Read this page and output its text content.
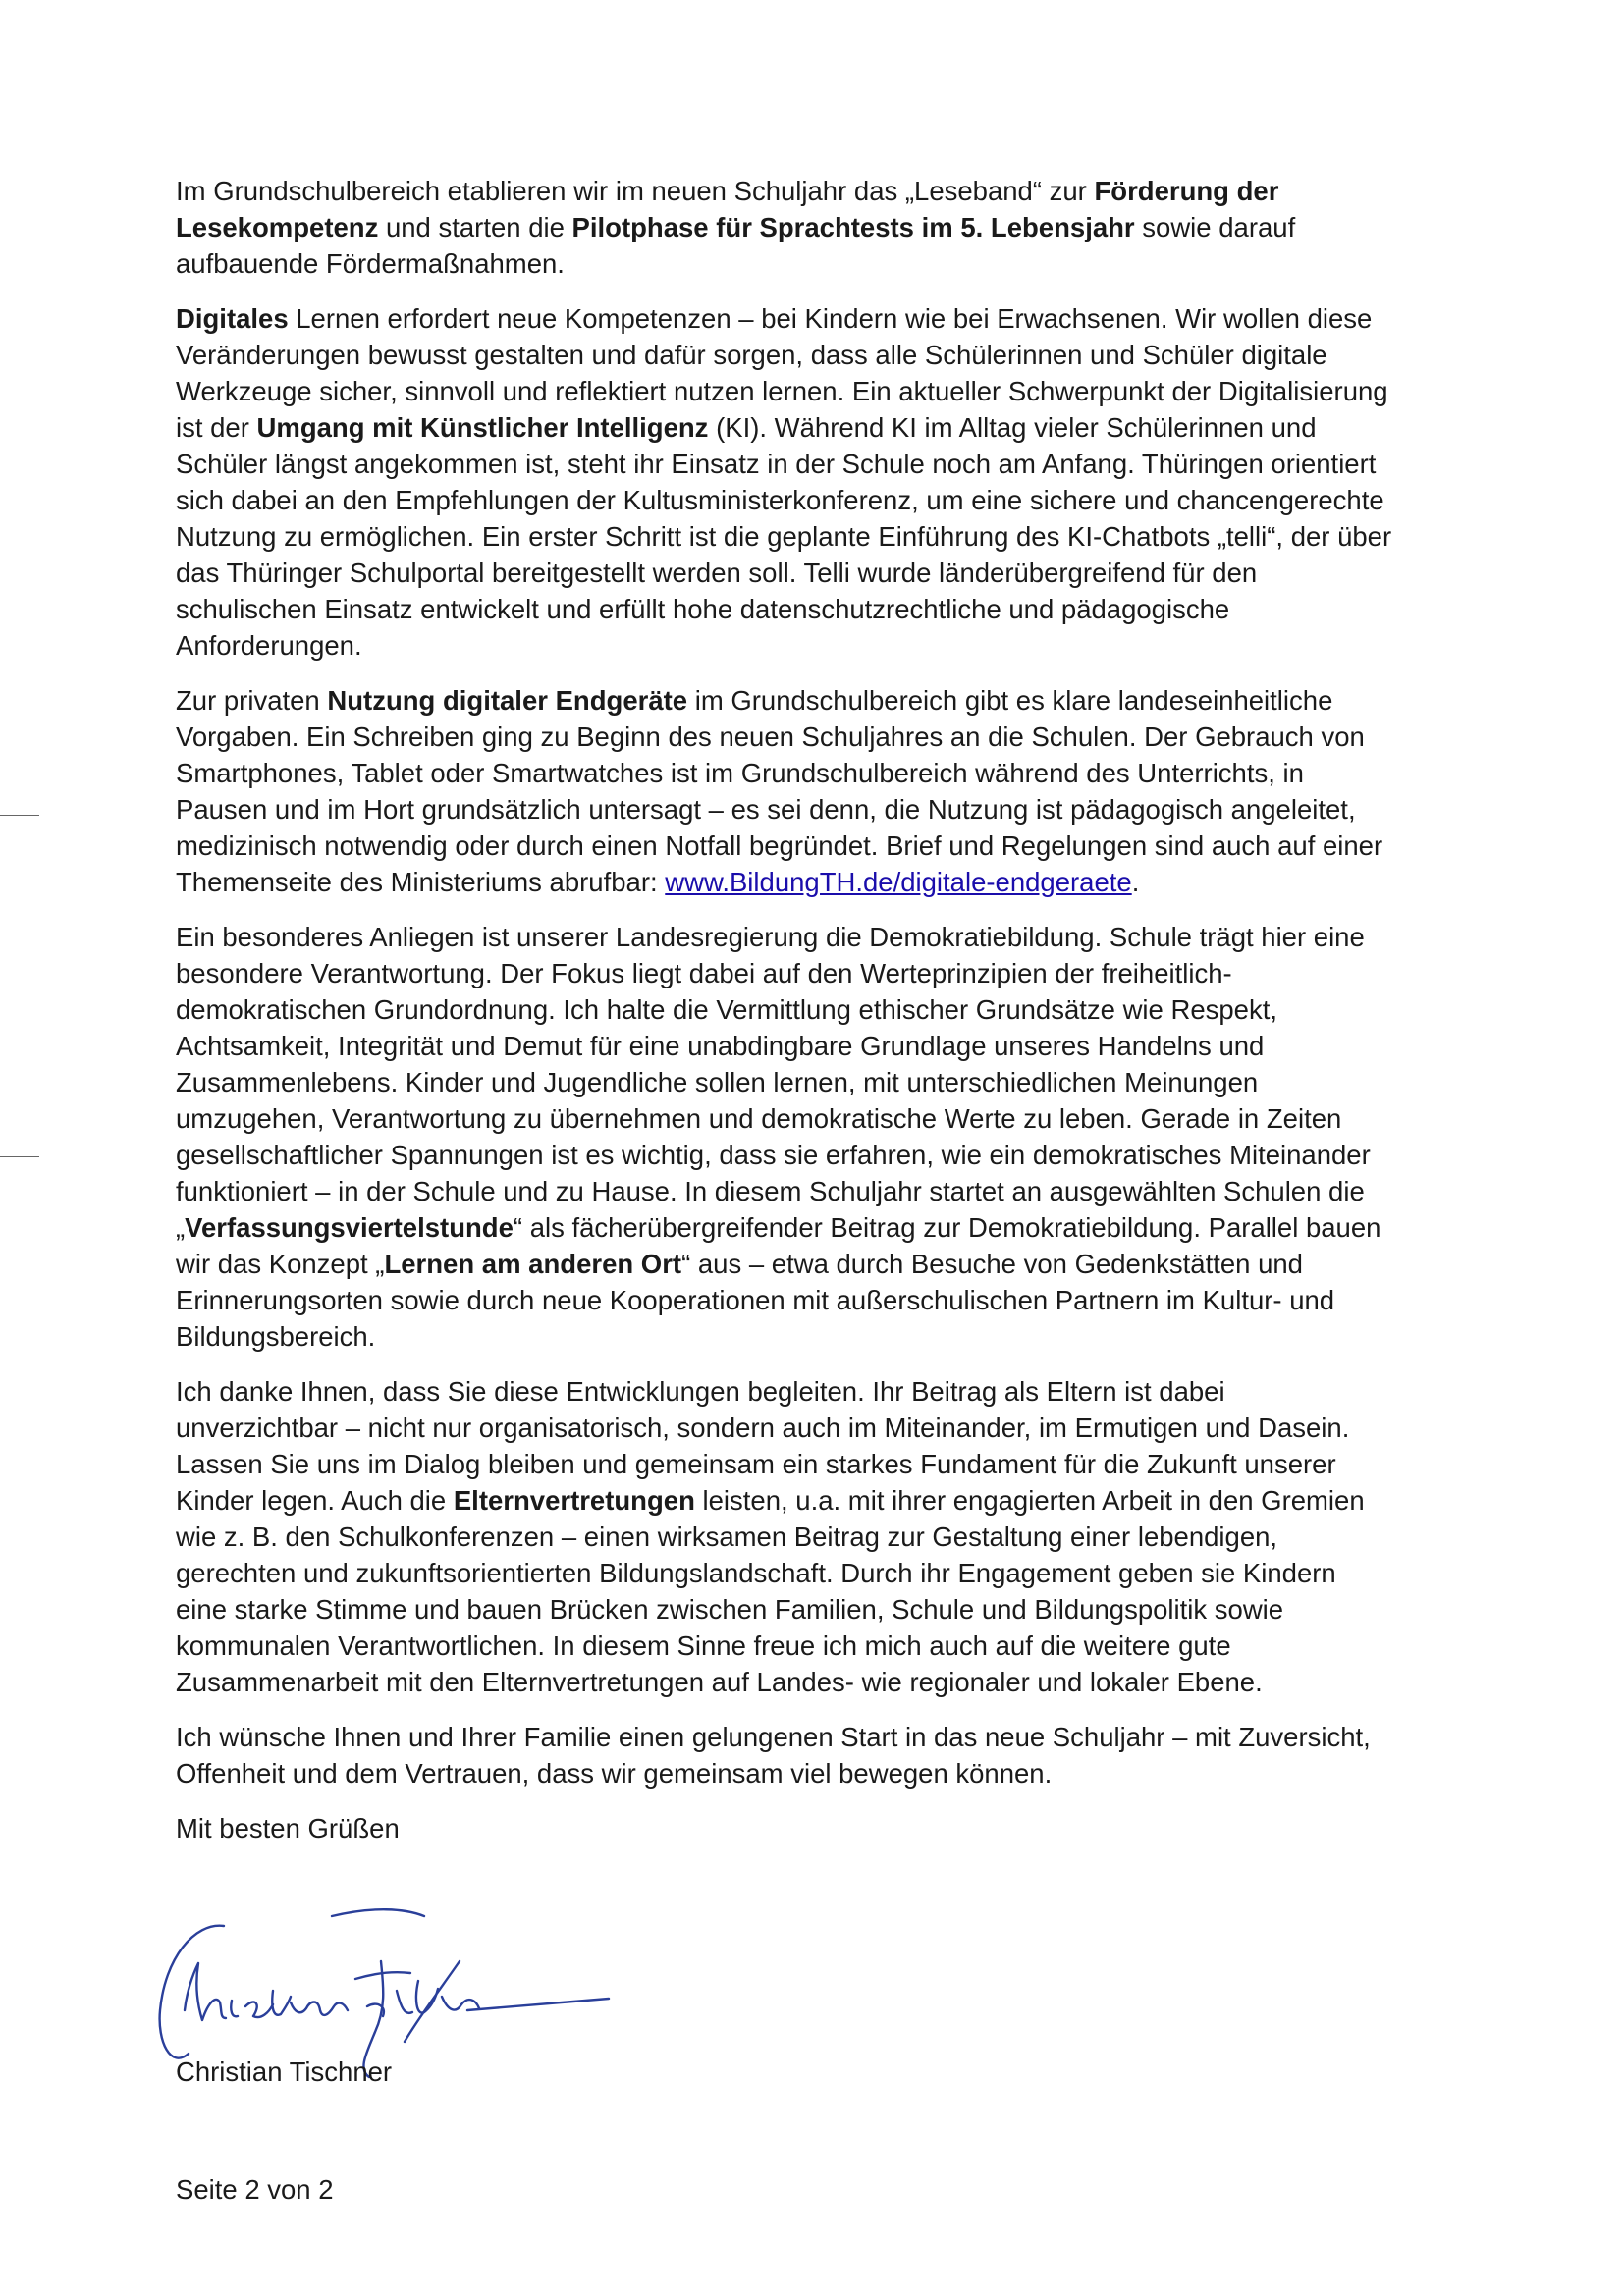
Im Grundschulbereich etablieren wir im neuen Schuljahr das „Leseband“ zur Förderung der Lesekompetenz und starten die Pilotphase für Sprachtests im 5. Lebensjahr sowie darauf aufbauende Fördermaßnahmen.

Digitales Lernen erfordert neue Kompetenzen – bei Kindern wie bei Erwachsenen. Wir wollen diese Veränderungen bewusst gestalten und dafür sorgen, dass alle Schülerinnen und Schüler digitale Werkzeuge sicher, sinnvoll und reflektiert nutzen lernen. Ein aktueller Schwerpunkt der Digitalisierung ist der Umgang mit Künstlicher Intelligenz (KI). Während KI im Alltag vieler Schülerinnen und Schüler längst angekommen ist, steht ihr Einsatz in der Schule noch am Anfang. Thüringen orientiert sich dabei an den Empfehlungen der Kultusministerkonferenz, um eine sichere und chancengerechte Nutzung zu ermöglichen. Ein erster Schritt ist die geplante Einführung des KI-Chatbots „telli“, der über das Thüringer Schulportal bereitgestellt werden soll. Telli wurde länderübergreifend für den schulischen Einsatz entwickelt und erfüllt hohe datenschutzrechtliche und pädagogische Anforderungen.

Zur privaten Nutzung digitaler Endgeräte im Grundschulbereich gibt es klare landeseinheitliche Vorgaben. Ein Schreiben ging zu Beginn des neuen Schuljahres an die Schulen. Der Gebrauch von Smartphones, Tablet oder Smartwatches ist im Grundschulbereich während des Unterrichts, in Pausen und im Hort grundsätzlich untersagt – es sei denn, die Nutzung ist pädagogisch angeleitet, medizinisch notwendig oder durch einen Notfall begründet. Brief und Regelungen sind auch auf einer Themenseite des Ministeriums abrufbar: www.BildungTH.de/digitale-endgeraete.

Ein besonderes Anliegen ist unserer Landesregierung die Demokratiebildung. Schule trägt hier eine besondere Verantwortung. Der Fokus liegt dabei auf den Werteprinzipien der freiheitlich-demokratischen Grundordnung. Ich halte die Vermittlung ethischer Grundsätze wie Respekt, Achtsamkeit, Integrität und Demut für eine unabdingbare Grundlage unseres Handelns und Zusammenlebens. Kinder und Jugendliche sollen lernen, mit unterschiedlichen Meinungen umzugehen, Verantwortung zu übernehmen und demokratische Werte zu leben. Gerade in Zeiten gesellschaftlicher Spannungen ist es wichtig, dass sie erfahren, wie ein demokratisches Miteinander funktioniert – in der Schule und zu Hause. In diesem Schuljahr startet an ausgewählten Schulen die „Verfassungsviertelstunde“ als fächerübergreifender Beitrag zur Demokratiebildung. Parallel bauen wir das Konzept „Lernen am anderen Ort“ aus – etwa durch Besuche von Gedenkstätten und Erinnerungsorten sowie durch neue Kooperationen mit außerschulischen Partnern im Kultur- und Bildungsbereich.

Ich danke Ihnen, dass Sie diese Entwicklungen begleiten. Ihr Beitrag als Eltern ist dabei unverzichtbar – nicht nur organisatorisch, sondern auch im Miteinander, im Ermutigen und Dasein. Lassen Sie uns im Dialog bleiben und gemeinsam ein starkes Fundament für die Zukunft unserer Kinder legen. Auch die Elternvertretungen leisten, u.a. mit ihrer engagierten Arbeit in den Gremien wie z. B. den Schulkonferenzen – einen wirksamen Beitrag zur Gestaltung einer lebendigen, gerechten und zukunftsorientierten Bildungslandschaft. Durch ihr Engagement geben sie Kindern eine starke Stimme und bauen Brücken zwischen Familien, Schule und Bildungspolitik sowie kommunalen Verantwortlichen. In diesem Sinne freue ich mich auch auf die weitere gute Zusammenarbeit mit den Elternvertretungen auf Landes- wie regionaler und lokaler Ebene.

Ich wünsche Ihnen und Ihrer Familie einen gelungenen Start in das neue Schuljahr – mit Zuversicht, Offenheit und dem Vertrauen, dass wir gemeinsam viel bewegen können.

Mit besten Grüßen

Christian Tischner
Seite 2 von 2
